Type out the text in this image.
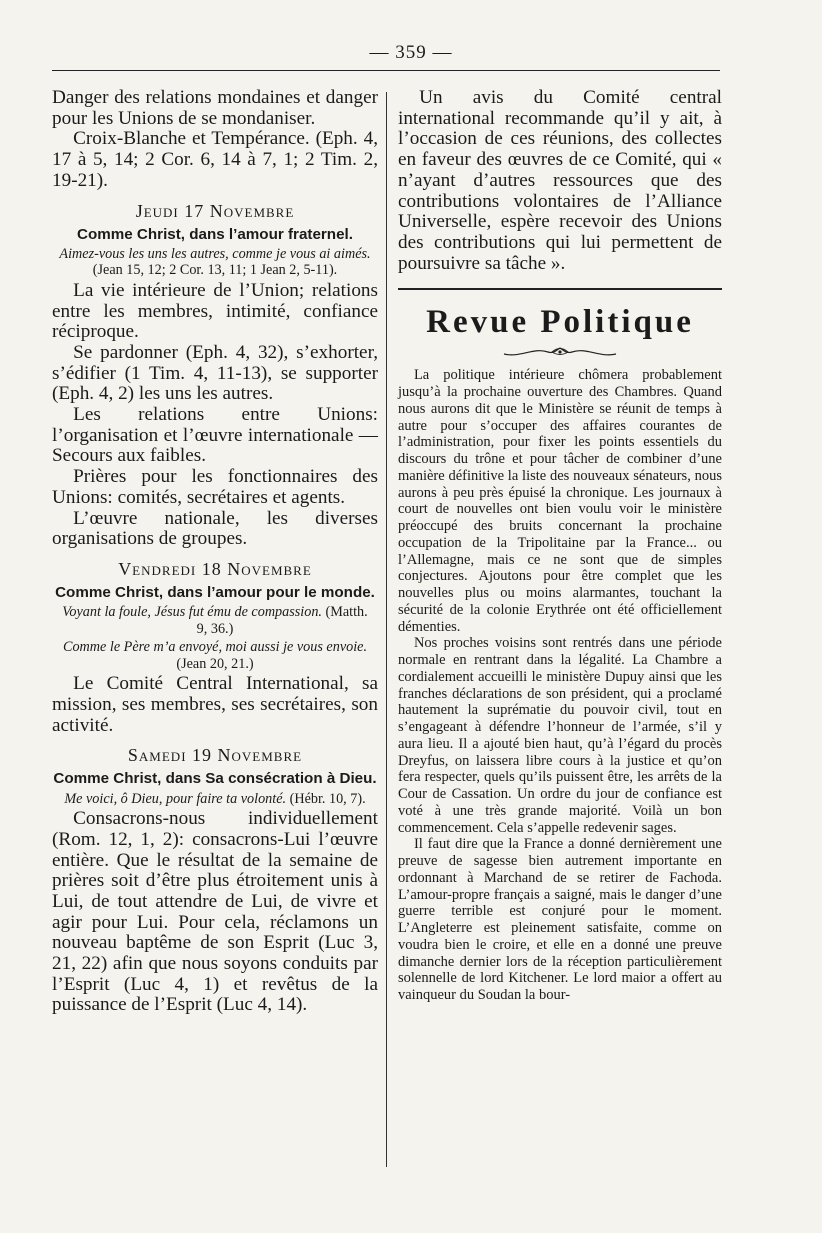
— 359 —

Danger des relations mondaines et danger pour les Unions de se mondaniser.

Croix-Blanche et Tempérance. (Eph. 4, 17 à 5, 14; 2 Cor. 6, 14 à 7, 1; 2 Tim. 2, 19-21).

Jeudi 17 Novembre
Comme Christ, dans l’amour fraternel.
Aimez-vous les uns les autres, comme je vous ai aimés. (Jean 15, 12; 2 Cor. 13, 11; 1 Jean 2, 5-11).

La vie intérieure de l’Union; relations entre les membres, intimité, confiance réciproque.

Se pardonner (Eph. 4, 32), s’exhorter, s’édifier (1 Tim. 4, 11-13), se supporter (Eph. 4, 2) les uns les autres.

Les relations entre Unions: l’organisation et l’œuvre internationale — Secours aux faibles.

Prières pour les fonctionnaires des Unions: comités, secrétaires et agents.

L’œuvre nationale, les diverses organisations de groupes.

Vendredi 18 Novembre
Comme Christ, dans l’amour pour le monde.
Voyant la foule, Jésus fut ému de compassion. (Matth. 9, 36.)
Comme le Père m’a envoyé, moi aussi je vous envoie. (Jean 20, 21.)

Le Comité Central International, sa mission, ses membres, ses secrétaires, son activité.

Samedi 19 Novembre
Comme Christ, dans Sa consécration à Dieu.
Me voici, ô Dieu, pour faire ta volonté. (Hébr. 10, 7).

Consacrons-nous individuellement (Rom. 12, 1, 2): consacrons-Lui l’œuvre entière. Que le résultat de la semaine de prières soit d’être plus étroitement unis à Lui, de tout attendre de Lui, de vivre et agir pour Lui. Pour cela, réclamons un nouveau baptême de son Esprit (Luc 3, 21, 22) afin que nous soyons conduits par l’Esprit (Luc 4, 1) et revêtus de la puissance de l’Esprit (Luc 4, 14).

Un avis du Comité central international recommande qu’il y ait, à l’occasion de ces réunions, des collectes en faveur des œuvres de ce Comité, qui « n’ayant d’autres ressources que des contributions volontaires de l’Alliance Universelle, espère recevoir des Unions des contributions qui lui permettent de poursuivre sa tâche ».

Revue Politique

La politique intérieure chômera probablement jusqu’à la prochaine ouverture des Chambres. Quand nous aurons dit que le Ministère se réunit de temps à autre pour s’occuper des affaires courantes de l’administration, pour fixer les points essentiels du discours du trône et pour tâcher de combiner d’une manière définitive la liste des nouveaux sénateurs, nous aurons à peu près épuisé la chronique. Les journaux à court de nouvelles ont bien voulu voir le ministère préoccupé des bruits concernant la prochaine occupation de la Tripolitaine par la France... ou l’Allemagne, mais ce ne sont que de simples conjectures. Ajoutons pour être complet que les nouvelles plus ou moins alarmantes, touchant la sécurité de la colonie Erythrée ont été officiellement démenties.

Nos proches voisins sont rentrés dans une période normale en rentrant dans la légalité. La Chambre a cordialement accueilli le ministère Dupuy ainsi que les franches déclarations de son président, qui a proclamé hautement la suprématie du pouvoir civil, tout en s’engageant à défendre l’honneur de l’armée, s’il y aura lieu. Il a ajouté bien haut, qu’à l’égard du procès Dreyfus, on laissera libre cours à la justice et qu’on fera respecter, quels qu’ils puissent être, les arrêts de la Cour de Cassation. Un ordre du jour de confiance est voté à une très grande majorité. Voilà un bon commencement. Cela s’appelle redevenir sages.

Il faut dire que la France a donné dernièrement une preuve de sagesse bien autrement importante en ordonnant à Marchand de se retirer de Fachoda. L’amour-propre français a saigné, mais le danger d’une guerre terrible est conjuré pour le moment. L’Angleterre est pleinement satisfaite, comme on voudra bien le croire, et elle en a donné une preuve dimanche dernier lors de la réception particulièrement solennelle de lord Kitchener. Le lord maior a offert au vainqueur du Soudan la bour-
